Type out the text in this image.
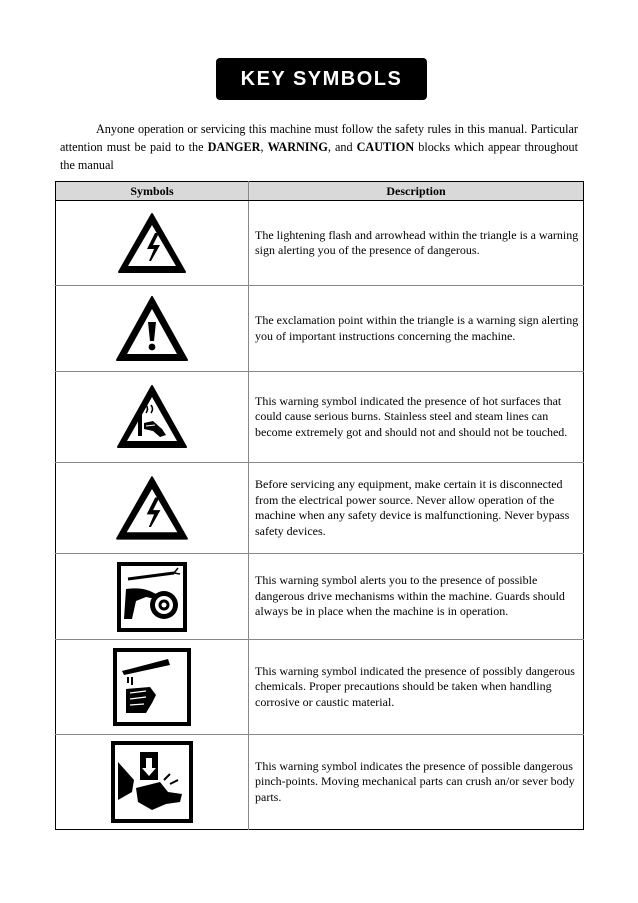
KEY SYMBOLS

Anyone operation or servicing this machine must follow the safety rules in this manual. Particular attention must be paid to the DANGER, WARNING, and CAUTION blocks which appear throughout the manual

Symbols	Description

	The lightening flash and arrowhead within the triangle is a warning sign alerting you of the presence of dangerous.

	The exclamation point within the triangle is a warning sign alerting you of important instructions concerning the machine.

	This warning symbol indicated the presence of hot surfaces that could cause serious burns. Stainless steel and steam lines can become extremely got and should not and should not be touched.

	Before servicing any equipment, make certain it is disconnected from the electrical power source. Never allow operation of the machine when any safety device is malfunctioning. Never bypass safety devices.

	This warning symbol alerts you to the presence of possible dangerous drive mechanisms within the machine. Guards should always be in place when the machine is in operation.

	This warning symbol indicated the presence of possibly dangerous chemicals. Proper precautions should be taken when handling corrosive or caustic material.

	This warning symbol indicates the presence of possible dangerous pinch-points. Moving mechanical parts can crush an/or sever body parts.
